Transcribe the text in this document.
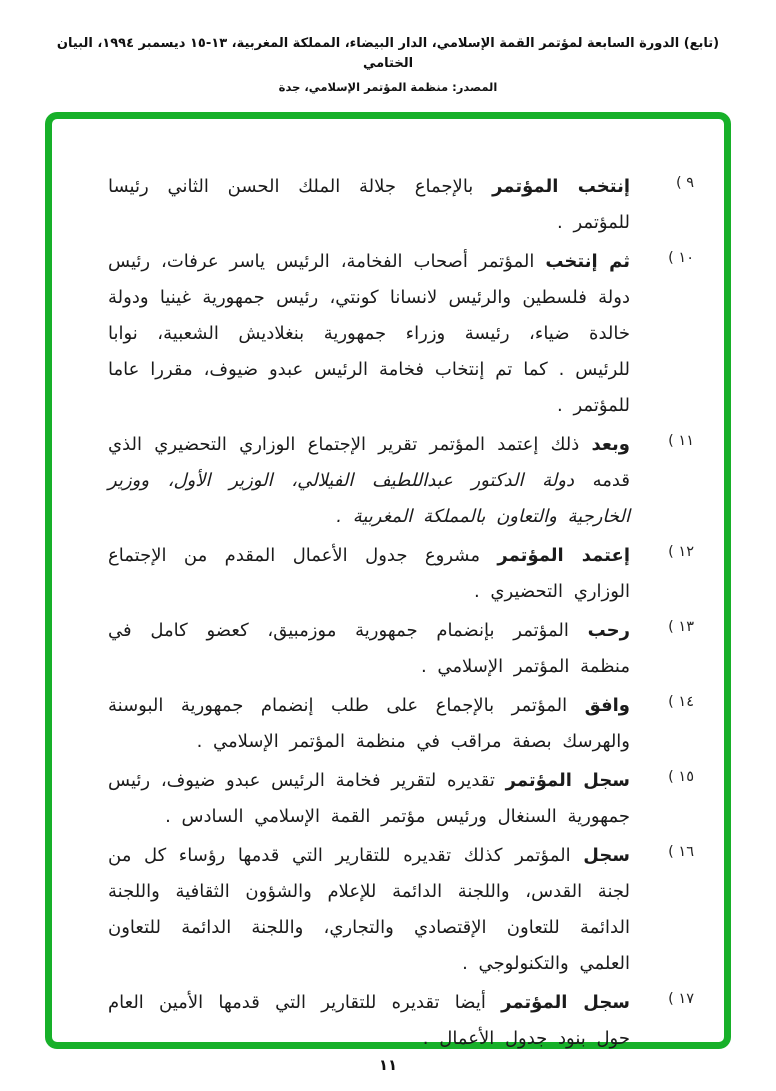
(تابع) الدورة السابعة لمؤتمر القمة الإسلامي، الدار البيضاء، المملكة المغربية، ‪١٣-١٥‬ ديسمبر ١٩٩٤، البيان الختامي
المصدر: منظمة المؤتمر الإسلامي، جدة
( ٩

إنتخب المؤتمر بالإجماع جلالة الملك الحسن الثاني رئيسا للمؤتمر .

( ١٠

ثم إنتخب المؤتمر أصحاب الفخامة، الرئيس ياسر عرفات، رئيس دولة فلسطين والرئيس لانسانا كونتي، رئيس جمهورية غينيا ودولة خالدة ضياء، رئيسة وزراء جمهورية بنغلاديش الشعبية، نوابا للرئيس . كما تم إنتخاب فخامة الرئيس عبدو ضيوف، مقررا عاما للمؤتمر .

( ١١

وبعد ذلك إعتمد المؤتمر تقرير الإجتماع الوزاري التحضيري الذي قدمه دولة الدكتور عبداللطيف الفيلالي، الوزير الأول، ووزير الخارجية والتعاون بالمملكة المغربية .

( ١٢

إعتمد المؤتمر مشروع جدول الأعمال المقدم من الإجتماع الوزاري التحضيري .

( ١٣

رحب المؤتمر بإنضمام جمهورية موزمبيق، كعضو كامل في منظمة المؤتمر الإسلامي .

( ١٤

وافق المؤتمر بالإجماع على طلب إنضمام جمهورية البوسنة والهرسك بصفة مراقب في منظمة المؤتمر الإسلامي .

( ١٥

سجل المؤتمر تقديره لتقرير فخامة الرئيس عبدو ضيوف، رئيس جمهورية السنغال ورئيس مؤتمر القمة الإسلامي السادس .

( ١٦

سجل المؤتمر كذلك تقديره للتقارير التي قدمها رؤساء كل من لجنة القدس، واللجنة الدائمة للإعلام والشؤون الثقافية واللجنة الدائمة للتعاون الإقتصادي والتجاري، واللجنة الدائمة للتعاون العلمي والتكنولوجي .

( ١٧

سجل المؤتمر أيضا تقديره للتقارير التي قدمها الأمين العام حول بنود جدول الأعمال .

١١
